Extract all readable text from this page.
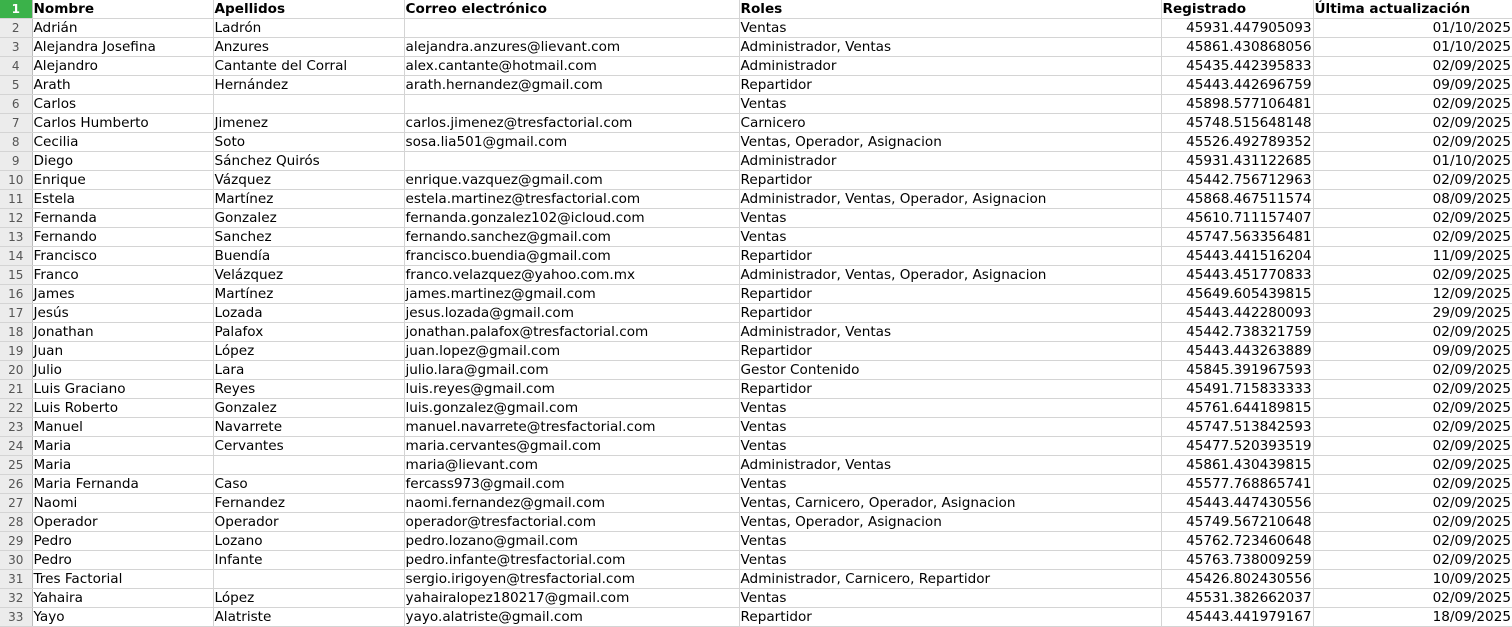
1	Nombre	Apellidos	Correo electrónico	Roles	Registrado	Última actualización
2	Adrián	Ladrón		Ventas	45931.447905093	01/10/2025
3	Alejandra Josefina	Anzures	alejandra.anzures@lievant.com	Administrador, Ventas	45861.430868056	01/10/2025
4	Alejandro	Cantante del Corral	alex.cantante@hotmail.com	Administrador	45435.442395833	02/09/2025
5	Arath	Hernández	arath.hernandez@gmail.com	Repartidor	45443.442696759	09/09/2025
6	Carlos			Ventas	45898.577106481	02/09/2025
7	Carlos Humberto	Jimenez	carlos.jimenez@tresfactorial.com	Carnicero	45748.515648148	02/09/2025
8	Cecilia	Soto	sosa.lia501@gmail.com	Ventas, Operador, Asignacion	45526.492789352	02/09/2025
9	Diego	Sánchez Quirós		Administrador	45931.431122685	01/10/2025
10	Enrique	Vázquez	enrique.vazquez@gmail.com	Repartidor	45442.756712963	02/09/2025
11	Estela	Martínez	estela.martinez@tresfactorial.com	Administrador, Ventas, Operador, Asignacion	45868.467511574	08/09/2025
12	Fernanda	Gonzalez	fernanda.gonzalez102@icloud.com	Ventas	45610.711157407	02/09/2025
13	Fernando	Sanchez	fernando.sanchez@gmail.com	Ventas	45747.563356481	02/09/2025
14	Francisco	Buendía	francisco.buendia@gmail.com	Repartidor	45443.441516204	11/09/2025
15	Franco	Velázquez	franco.velazquez@yahoo.com.mx	Administrador, Ventas, Operador, Asignacion	45443.451770833	02/09/2025
16	James	Martínez	james.martinez@gmail.com	Repartidor	45649.605439815	12/09/2025
17	Jesús	Lozada	jesus.lozada@gmail.com	Repartidor	45443.442280093	29/09/2025
18	Jonathan	Palafox	jonathan.palafox@tresfactorial.com	Administrador, Ventas	45442.738321759	02/09/2025
19	Juan	López	juan.lopez@gmail.com	Repartidor	45443.443263889	09/09/2025
20	Julio	Lara	julio.lara@gmail.com	Gestor Contenido	45845.391967593	02/09/2025
21	Luis Graciano	Reyes	luis.reyes@gmail.com	Repartidor	45491.715833333	02/09/2025
22	Luis Roberto	Gonzalez	luis.gonzalez@gmail.com	Ventas	45761.644189815	02/09/2025
23	Manuel	Navarrete	manuel.navarrete@tresfactorial.com	Ventas	45747.513842593	02/09/2025
24	Maria	Cervantes	maria.cervantes@gmail.com	Ventas	45477.520393519	02/09/2025
25	Maria		maria@lievant.com	Administrador, Ventas	45861.430439815	02/09/2025
26	Maria Fernanda	Caso	fercass973@gmail.com	Ventas	45577.768865741	02/09/2025
27	Naomi	Fernandez	naomi.fernandez@gmail.com	Ventas, Carnicero, Operador, Asignacion	45443.447430556	02/09/2025
28	Operador	Operador	operador@tresfactorial.com	Ventas, Operador, Asignacion	45749.567210648	02/09/2025
29	Pedro	Lozano	pedro.lozano@gmail.com	Ventas	45762.723460648	02/09/2025
30	Pedro	Infante	pedro.infante@tresfactorial.com	Ventas	45763.738009259	02/09/2025
31	Tres Factorial		sergio.irigoyen@tresfactorial.com	Administrador, Carnicero, Repartidor	45426.802430556	10/09/2025
32	Yahaira	López	yahairalopez180217@gmail.com	Ventas	45531.382662037	02/09/2025
33	Yayo	Alatriste	yayo.alatriste@gmail.com	Repartidor	45443.441979167	18/09/2025
